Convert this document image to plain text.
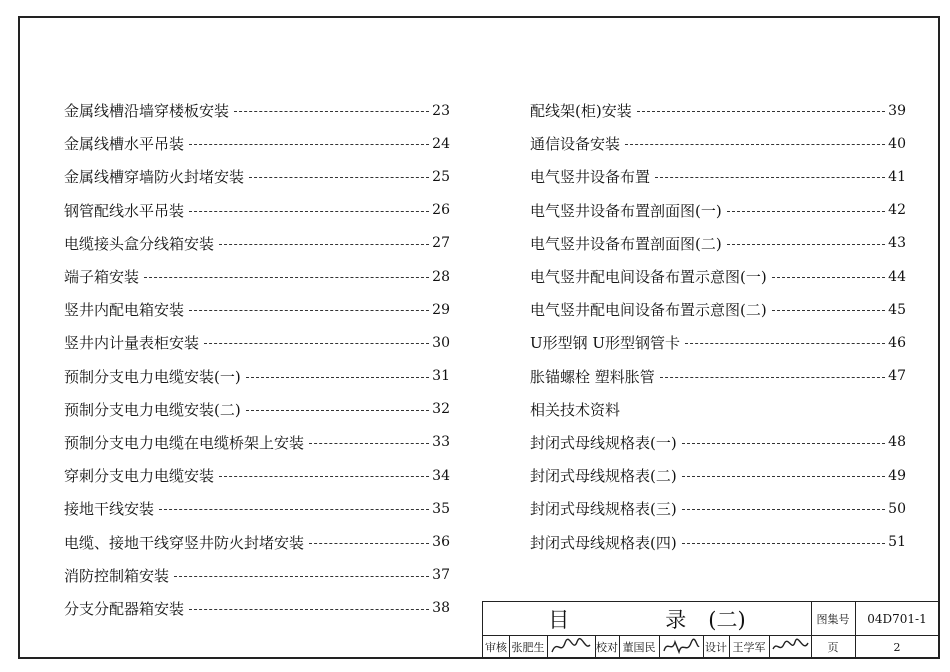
金属线槽沿墙穿楼板安装	23
金属线槽水平吊装	24
金属线槽穿墙防火封堵安装	25
钢管配线水平吊装	26
电缆接头盒分线箱安装	27
端子箱安装	28
竖井内配电箱安装	29
竖井内计量表柜安装	30
预制分支电力电缆安装(一)	31
预制分支电力电缆安装(二)	32
预制分支电力电缆在电缆桥架上安装	33
穿刺分支电力电缆安装	34
接地干线安装	35
电缆、接地干线穿竖井防火封堵安装	36
消防控制箱安装	37
分支分配器箱安装	38
配线架(柜)安装	39
通信设备安装	40
电气竖井设备布置	41
电气竖井设备布置剖面图(一)	42
电气竖井设备布置剖面图(二)	43
电气竖井配电间设备布置示意图(一)	44
电气竖井配电间设备布置示意图(二)	45
U形型钢 U形型钢管卡	46
胀锚螺栓 塑料胀管	47
相关技术资料
封闭式母线规格表(一)	48
封闭式母线规格表(二)	49
封闭式母线规格表(三)	50
封闭式母线规格表(四)	51
目	录 (二)	图集号	04D701-1
审核 张肥生	校对 董国民	设计 王学军	页	2
